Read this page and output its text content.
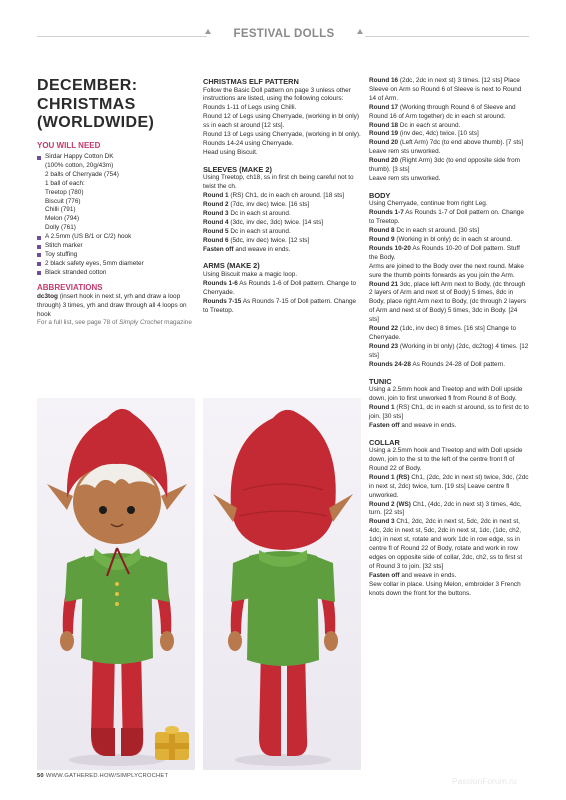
FESTIVAL DOLLS
DECEMBER:
CHRISTMAS
(WORLDWIDE)
YOU WILL NEED
Sirdar Happy Cotton DK
(100% cotton, 20g/43m)
2 balls of Cherryade (754)
1 ball of each:
Treetop (780)
Biscuit (776)
Chilli (791)
Melon (794)
Dolly (761)
A 2.5mm (US B/1 or C/2) hook
Stitch marker
Toy stuffing
2 black safety eyes, 5mm diameter
Black stranded cotton
ABBREVIATIONS

dc3tog (insert hook in next st, yrh and draw a loop through) 3 times, yrh and draw through all 4 loops on hook

For a full list, see page 78 of Simply Crochet magazine

CHRISTMAS ELF PATTERN

Follow the Basic Doll pattern on page 3 unless other instructions are listed, using the following colours:

Rounds 1-11 of Legs using Chilli.

Round 12 of Legs using Cherryade, (working in bl only) ss in each st around [12 sts].

Round 13 of Legs using Cherryade, (working in bl only).

Rounds 14-24 using Cherryade.

Head using Biscuit.

SLEEVES (MAKE 2)

Using Treetop, ch18, ss in first ch being careful not to twist the ch.

Round 1 (RS) Ch1, dc in each ch around. [18 sts]

Round 2 (7dc, inv dec) twice. [16 sts]

Round 3 Dc in each st around.

Round 4 (3dc, inv dec, 3dc) twice. [14 sts]

Round 5 Dc in each st around.

Round 6 (5dc, inv dec) twice. [12 sts]

Fasten off and weave in ends.

ARMS (MAKE 2)

Using Biscuit make a magic loop.

Rounds 1-6 As Rounds 1-6 of Doll pattern. Change to Cherryade.

Rounds 7-15 As Rounds 7-15 of Doll pattern. Change to Treetop.

Round 16 (2dc, 2dc in next st) 3 times. [12 sts] Place Sleeve on Arm so Round 6 of Sleeve is next to Round 14 of Arm.

Round 17 (Working through Round 6 of Sleeve and Round 16 of Arm together) dc in each st around.

Round 18 Dc in each st around.

Round 19 (inv dec, 4dc) twice. [10 sts]

Round 20 (Left Arm) 7dc (to end above thumb). [7 sts] Leave rem sts unworked.

Round 20 (Right Arm) 3dc (to end opposite side from thumb). [3 sts]

Leave rem sts unworked.

BODY

Using Cherryade, continue from right Leg.

Rounds 1-7 As Rounds 1-7 of Doll pattern on. Change to Treetop.

Round 8 Dc in each st around. [30 sts]

Round 9 (Working in bl only) dc in each st around.

Rounds 10-20 As Rounds 10-20 of Doll pattern. Stuff the Body.

Arms are joined to the Body over the next round. Make sure the thumb points forwards as you join the Arm.

Round 21 3dc, place left Arm next to Body, (dc through 2 layers of Arm and next st of Body) 5 times, 8dc in Body, place right Arm next to Body, (dc through 2 layers of Arm and next st of Body) 5 times, 3dc in Body. [24 sts]

Round 22 (1dc, inv dec) 8 times. [16 sts] Change to Cherryade.

Round 23 (Working in bl only) (2dc, dc2tog) 4 times. [12 sts]

Rounds 24-28 As Rounds 24-28 of Doll pattern.

TUNIC

Using a 2.5mm hook and Treetop and with Doll upside down, join to first unworked fl from Round 8 of Body.

Round 1 (RS) Ch1, dc in each st around, ss to first dc to join. [30 sts]

Fasten off and weave in ends.

COLLAR

Using a 2.5mm hook and Treetop and with Doll upside down, join to the st to the left of the centre front fl of Round 22 of Body.

Round 1 (RS) Ch1, (2dc, 2dc in next st) twice, 3dc, (2dc in next st, 2dc) twice, turn. [19 sts] Leave centre fl unworked.

Round 2 (WS) Ch1, (4dc, 2dc in next st) 3 times, 4dc, turn. [22 sts]

Round 3 Ch1, 2dc, 2dc in next st, 5dc, 2dc in next st, 4dc, 2dc in next st, 5dc, 2dc in next st, 1dc, (1dc, ch2, 1dc) in next st, rotate and work 1dc in row edge, ss in centre fl of Round 22 of Body, rotate and work in row edges on opposite side of collar, 2dc, ch2, ss to first st of Round 3 to join. [32 sts]

Fasten off and weave in ends.

Sew collar in place. Using Melon, embroider 3 French knots down the front for the buttons.

50 WWW.GATHERED.HOW/SIMPLYCROCHET	PassionForum.ru
